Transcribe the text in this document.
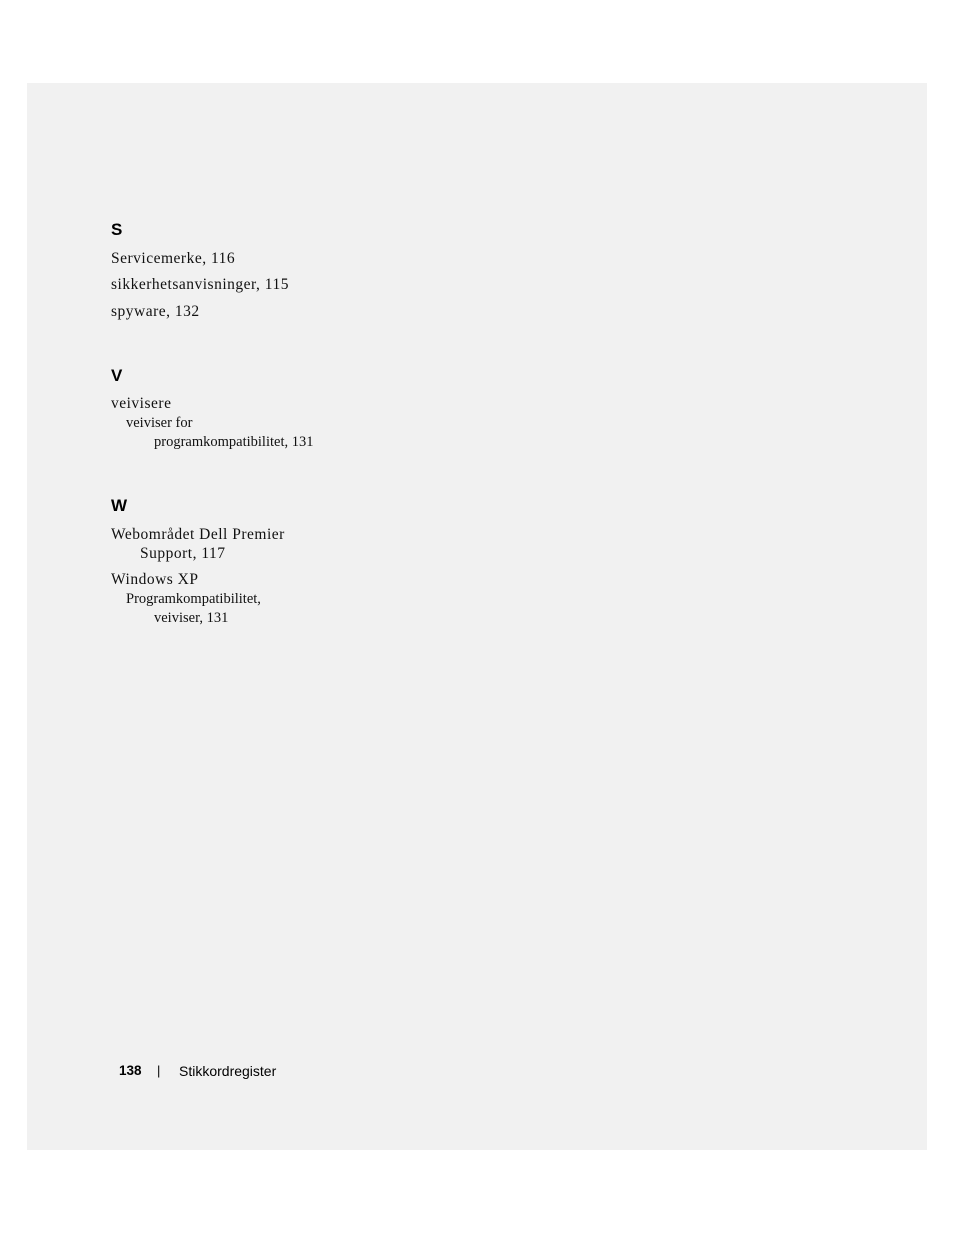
S
Servicemerke, 116
sikkerhetsanvisninger, 115
spyware, 132
V
veivisere
veiviser for
programkompatibilitet, 131
W
Webområdet Dell Premier
Support, 117
Windows XP
Programkompatibilitet,
veiviser, 131
138 | Stikkordregister
